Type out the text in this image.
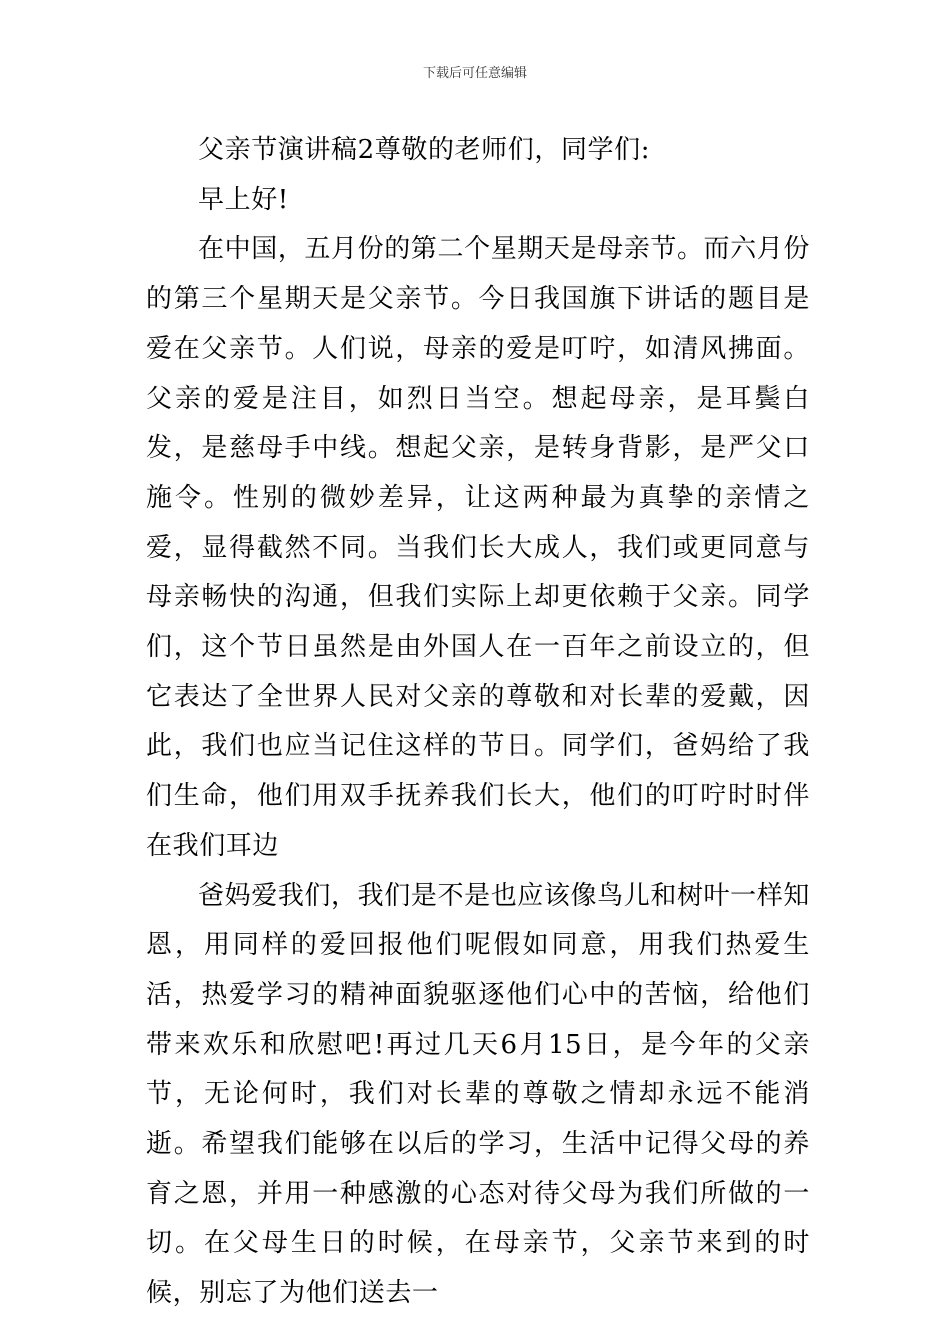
下载后可任意编辑

父亲节演讲稿2尊敬的老师们，同学们:

早上好!

在中国，五月份的第二个星期天是母亲节。而六月份的第三个星期天是父亲节。今日我国旗下讲话的题目是爱在父亲节。人们说，母亲的爱是叮咛，如清风拂面。父亲的爱是注目，如烈日当空。想起母亲，是耳鬓白发，是慈母手中线。想起父亲，是转身背影，是严父口施令。性别的微妙差异，让这两种最为真挚的亲情之爱，显得截然不同。当我们长大成人，我们或更同意与母亲畅快的沟通，但我们实际上却更依赖于父亲。同学们，这个节日虽然是由外国人在一百年之前设立的，但它表达了全世界人民对父亲的尊敬和对长辈的爱戴，因此，我们也应当记住这样的节日。同学们，爸妈给了我们生命，他们用双手抚养我们长大，他们的叮咛时时伴在我们耳边

爸妈爱我们，我们是不是也应该像鸟儿和树叶一样知恩，用同样的爱回报他们呢假如同意，用我们热爱生活，热爱学习的精神面貌驱逐他们心中的苦恼，给他们带来欢乐和欣慰吧!再过几天6月15日，是今年的父亲节，无论何时，我们对长辈的尊敬之情却永远不能消逝。希望我们能够在以后的学习，生活中记得父母的养育之恩，并用一种感激的心态对待父母为我们所做的一切。在父母生日的时候，在母亲节，父亲节来到的时候，别忘了为他们送去一
